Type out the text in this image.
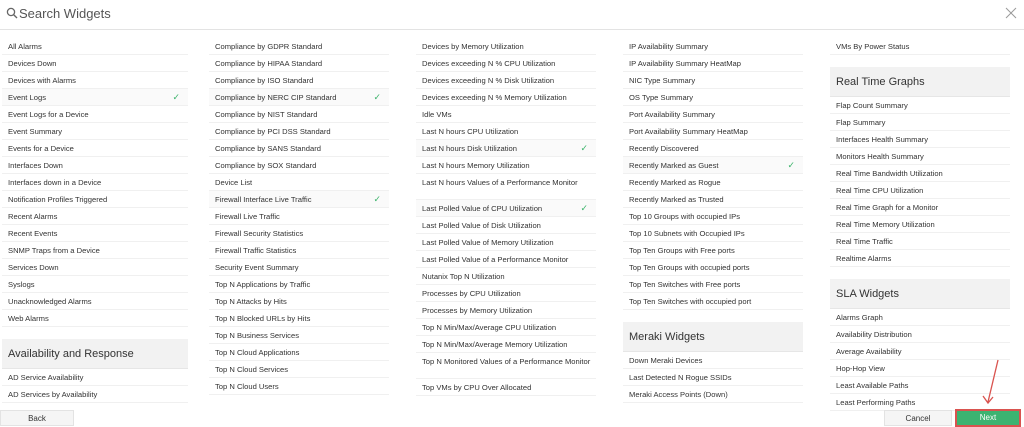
Search Widgets
All Alarms
Devices Down
Devices with Alarms
Event Logs	✓
Event Logs for a Device
Event Summary
Events for a Device
Interfaces Down
Interfaces down in a Device
Notification Profiles Triggered
Recent Alarms
Recent Events
SNMP Traps from a Device
Services Down
Syslogs
Unacknowledged Alarms
Web Alarms
Availability and Response
AD Service Availability
AD Services by Availability
Compliance by GDPR Standard
Compliance by HIPAA Standard
Compliance by ISO Standard
Compliance by NERC CIP Standard	✓
Compliance by NIST Standard
Compliance by PCI DSS Standard
Compliance by SANS Standard
Compliance by SOX Standard
Device List
Firewall Interface Live Traffic	✓
Firewall Live Traffic
Firewall Security Statistics
Firewall Traffic Statistics
Security Event Summary
Top N Applications by Traffic
Top N Attacks by Hits
Top N Blocked URLs by Hits
Top N Business Services
Top N Cloud Applications
Top N Cloud Services
Top N Cloud Users
Devices by Memory Utilization
Devices exceeding N % CPU Utilization
Devices exceeding N % Disk Utilization
Devices exceeding N % Memory Utilization
Idle VMs
Last N hours CPU Utilization
Last N hours Disk Utilization	✓
Last N hours Memory Utilization
Last N hours Values of a Performance Monitor
Last Polled Value of CPU Utilization	✓
Last Polled Value of Disk Utilization
Last Polled Value of Memory Utilization
Last Polled Value of a Performance Monitor
Nutanix Top N Utilization
Processes by CPU Utilization
Processes by Memory Utilization
Top N Min/Max/Average CPU Utilization
Top N Min/Max/Average Memory Utilization
Top N Monitored Values of a Performance Monitor
Top VMs by CPU Over Allocated
IP Availability Summary
IP Availability Summary HeatMap
NIC Type Summary
OS Type Summary
Port Availability Summary
Port Availability Summary HeatMap
Recently Discovered
Recently Marked as Guest	✓
Recently Marked as Rogue
Recently Marked as Trusted
Top 10 Groups with occupied IPs
Top 10 Subnets with Occupied IPs
Top Ten Groups with Free ports
Top Ten Groups with occupied ports
Top Ten Switches with Free ports
Top Ten Switches with occupied port
Meraki Widgets
Down Meraki Devices
Last Detected N Rogue SSIDs
Meraki Access Points (Down)
VMs By Power Status
Real Time Graphs
Flap Count Summary
Flap Summary
Interfaces Health Summary
Monitors Health Summary
Real Time Bandwidth Utilization
Real Time CPU Utilization
Real Time Graph for a Monitor
Real Time Memory Utilization
Real Time Traffic
Realtime Alarms
SLA Widgets
Alarms Graph
Availability Distribution
Average Availability
Hop-Hop View
Least Available Paths
Least Performing Paths
Back	Cancel	Next
